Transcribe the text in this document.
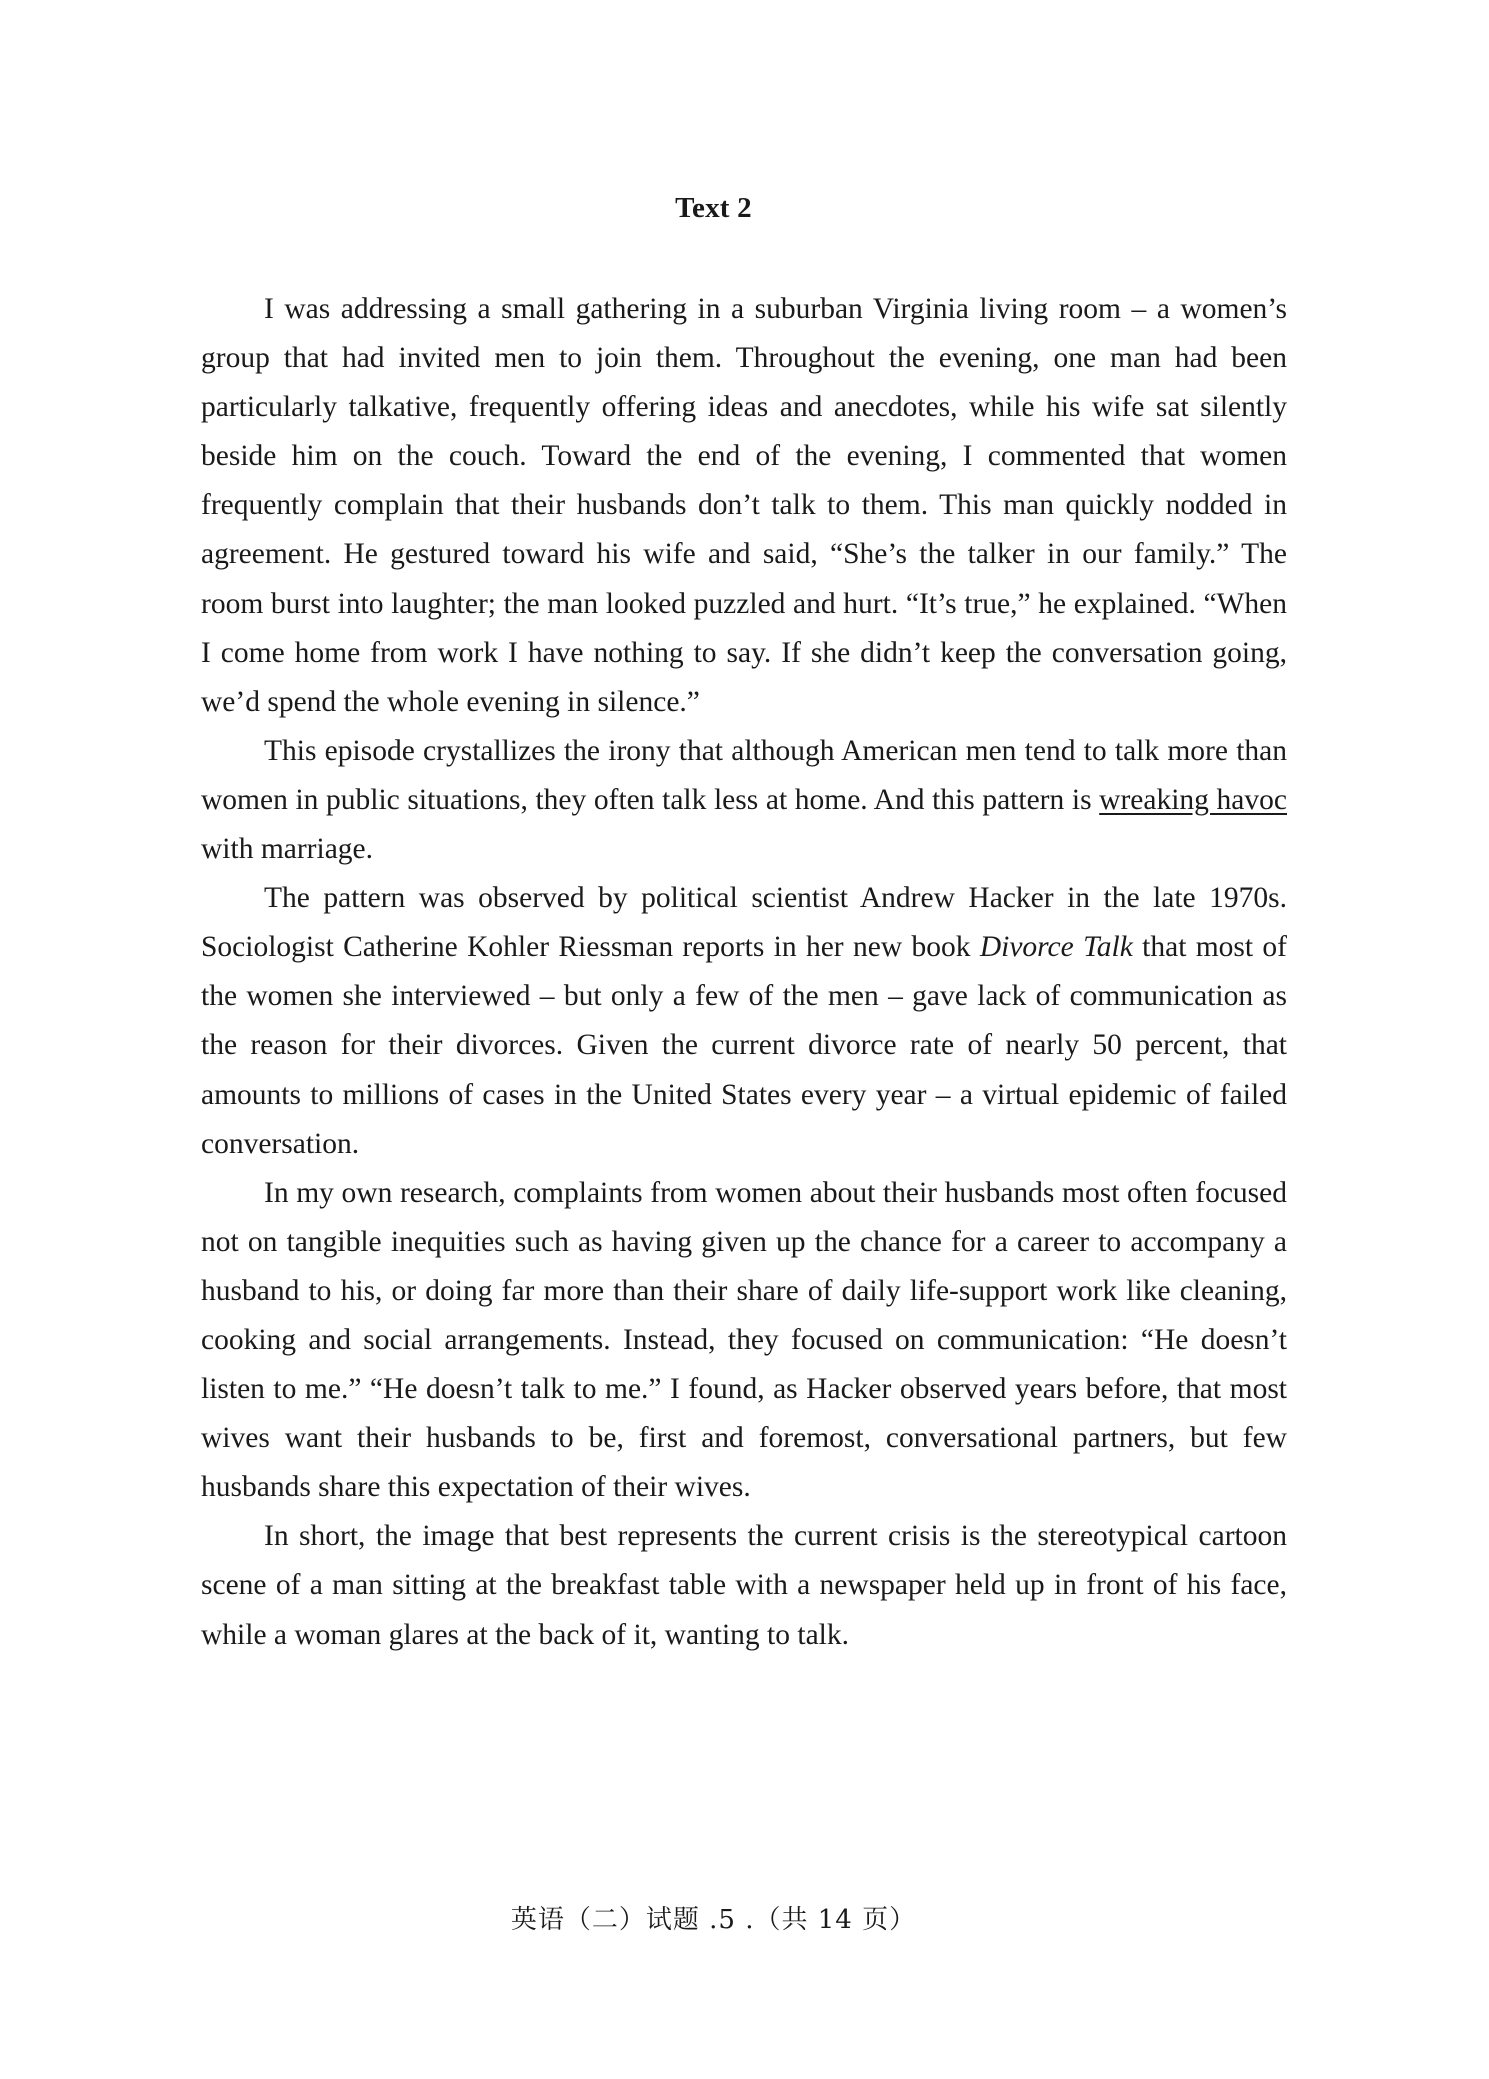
Text 2

I was addressing a small gathering in a suburban Virginia living room – a women’s group that had invited men to join them. Throughout the evening, one man had been particularly talkative, frequently offering ideas and anecdotes, while his wife sat silently beside him on the couch. Toward the end of the evening, I commented that women frequently complain that their husbands don’t talk to them. This man quickly nodded in agreement. He gestured toward his wife and said, “She’s the talker in our family.” The room burst into laughter; the man looked puzzled and hurt. “It’s true,” he explained. “When I come home from work I have nothing to say. If she didn’t keep the conversation going, we’d spend the whole evening in silence.”

This episode crystallizes the irony that although American men tend to talk more than women in public situations, they often talk less at home. And this pattern is wreaking havoc with marriage.

The pattern was observed by political scientist Andrew Hacker in the late 1970s. Sociologist Catherine Kohler Riessman reports in her new book Divorce Talk that most of the women she interviewed – but only a few of the men – gave lack of communication as the reason for their divorces. Given the current divorce rate of nearly 50 percent, that amounts to millions of cases in the United States every year – a virtual epidemic of failed conversation.

In my own research, complaints from women about their husbands most often focused not on tangible inequities such as having given up the chance for a career to accompany a husband to his, or doing far more than their share of daily life-support work like cleaning, cooking and social arrangements. Instead, they focused on communication: “He doesn’t listen to me.” “He doesn’t talk to me.” I found, as Hacker observed years before, that most wives want their husbands to be, first and foremost, conversational partners, but few husbands share this expectation of their wives.

In short, the image that best represents the current crisis is the stereotypical cartoon scene of a man sitting at the breakfast table with a newspaper held up in front of his face, while a woman glares at the back of it, wanting to talk.

英语（二）试题 .5 .（共 14 页）
